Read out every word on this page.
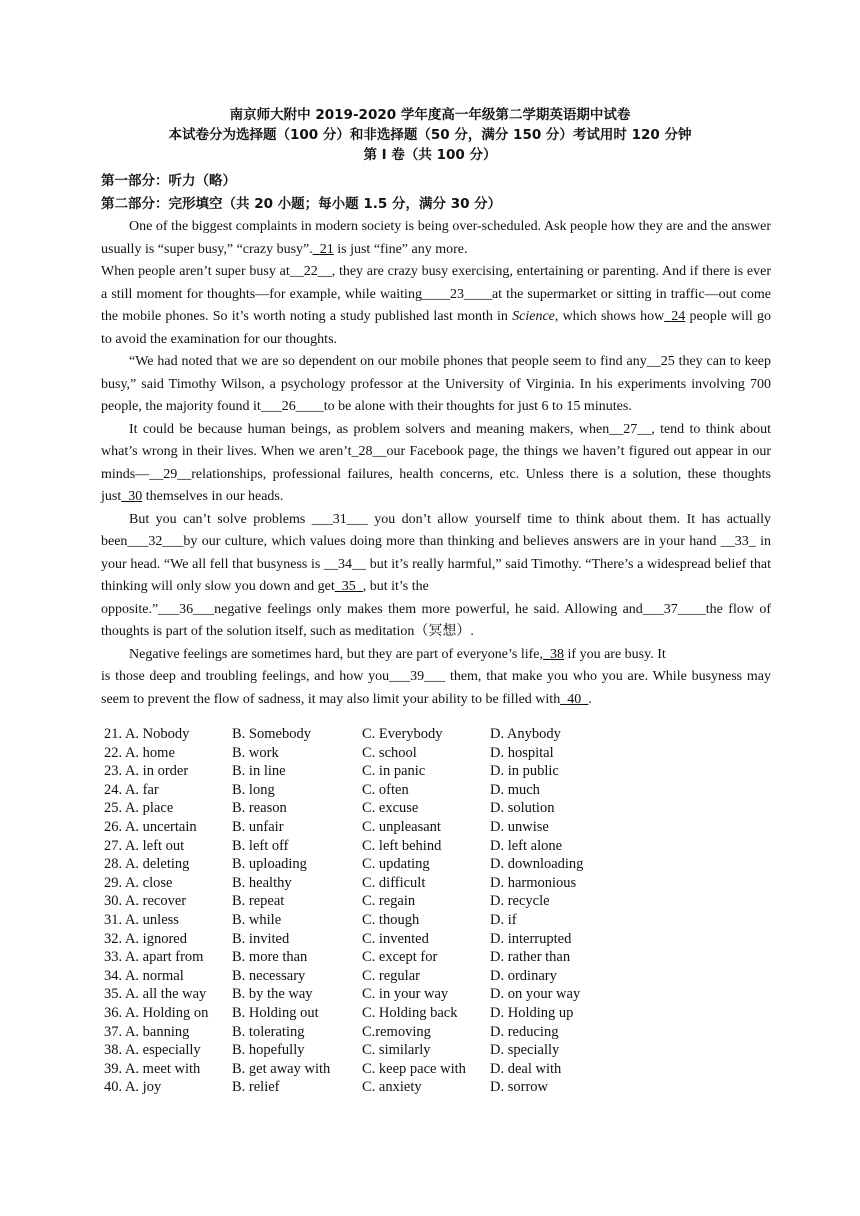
南京师大附中 2019-2020 学年度高一年级第二学期英语期中试卷
本试卷分为选择题（100 分）和非选择题（50 分，满分 150 分）考试用时 120 分钟
第 I 卷（共 100 分）
第一部分：听力（略）
第二部分：完形填空（共 20 小题；每小题 1.5 分，满分 30 分）

One of the biggest complaints in modern society is being over-scheduled. Ask people how they are and the answer usually is “super busy,” “crazy busy”._21 is just “fine” any more.

When people aren’t super busy at__22__, they are crazy busy exercising, entertaining or parenting. And if there is ever a still moment for thoughts—for example, while waiting____23____at the supermarket or sitting in traffic—out come the mobile phones. So it’s worth noting a study published last month in Science, which shows how_24 people will go to avoid the examination for our thoughts.

“We had noted that we are so dependent on our mobile phones that people seem to find any__25 they can to keep busy,” said Timothy Wilson, a psychology professor at the University of Virginia. In his experiments involving 700 people, the majority found it___26____to be alone with their thoughts for just 6 to 15 minutes.

It could be because human beings, as problem solvers and meaning makers, when__27__, tend to think about what’s wrong in their lives. When we aren’t_28__our Facebook page, the things we haven’t figured out appear in our minds—__29__relationships, professional failures, health concerns, etc. Unless there is a solution, these thoughts just_30 themselves in our heads.

But you can’t solve problems ___31___ you don’t allow yourself time to think about them. It has actually been___32___by our culture, which values doing more than thinking and believes answers are in your hand __33_ in your head. “We all fell that busyness is __34__ but it’s really harmful,” said Timothy. “There’s a widespread belief that thinking will only slow you down and get_35_, but it’s the

opposite.”___36___negative feelings only makes them more powerful, he said. Allowing and___37____the flow of thoughts is part of the solution itself, such as meditation（冥想）.

Negative feelings are sometimes hard, but they are part of everyone’s life,_38 if you are busy. It

is those deep and troubling feelings, and how you___39___ them, that make you who you are. While busyness may seem to prevent the flow of sadness, it may also limit your ability to be filled with_40_.

21. A. Nobody	B. Somebody	C. Everybody	D. Anybody
22. A. home	B. work	C. school	D. hospital
23. A. in order	B. in line	C. in panic	D. in public
24. A. far	B. long	C. often	D. much
25. A. place	B. reason	C. excuse	D. solution
26. A. uncertain	B. unfair	C. unpleasant	D. unwise
27. A. left out	B. left off	C. left behind	D. left alone
28. A. deleting	B. uploading	C. updating	D. downloading
29. A. close	B. healthy	C. difficult	D. harmonious
30. A. recover	B. repeat	C. regain	D. recycle
31. A. unless	B. while	C. though	D. if
32. A. ignored	B. invited	C. invented	D. interrupted
33. A. apart from	B. more than	C. except for	D. rather than
34. A. normal	B. necessary	C. regular	D. ordinary
35. A. all the way	B. by the way	C. in your way	D. on your way
36. A. Holding on	B. Holding out	C. Holding back	D. Holding up
37. A. banning	B. tolerating	C.removing	D. reducing
38. A. especially	B. hopefully	C. similarly	D. specially
39. A. meet with	B. get away with	C. keep pace with	D. deal with
40. A. joy	B. relief	C. anxiety	D. sorrow
